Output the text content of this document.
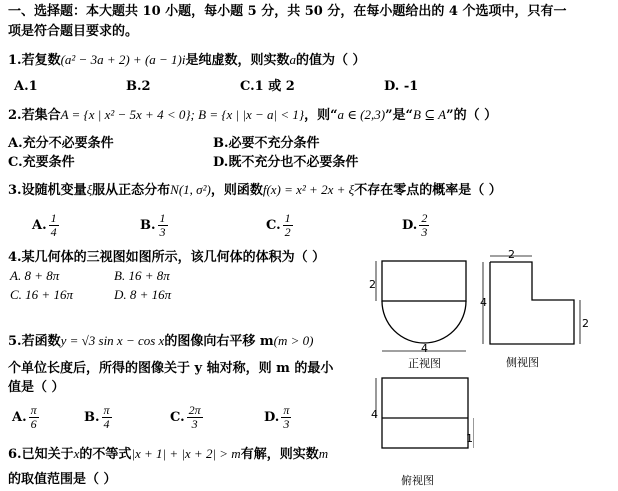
一、选择题：本大题共 10 小题，每小题 5 分，共 50 分，在每小题给出的 4 个选项中，只有一
项是符合题目要求的。
1.若复数(a² − 3a + 2) + (a − 1)i是纯虚数，则实数a的值为（ ）
A.1	B.2	C.1 或 2	D. -1
2.若集合A = {x | x² − 5x + 4 < 0}; B = {x | |x − a| < 1}，则“a ∈ (2,3)”是“B ⊆ A”的（ ）
A.充分不必要条件	B.必要不充分条件
C.充要条件	D.既不充分也不必要条件
3.设随机变量ξ服从正态分布N(1, σ²)，则函数f(x) = x² + 2x + ξ不存在零点的概率是（ ）
A. $\frac{1}{4}$	B. $\frac{1}{3}$	C. $\frac{1}{2}$	D. $\frac{2}{3}$
4.某几何体的三视图如图所示，该几何体的体积为（ ）
A. 8 + 8π	B. 16 + 8π
C. 16 + 16π	D. 8 + 16π
5.若函数y = √3 sin x − cos x的图像向右平移 m(m > 0)
个单位长度后，所得的图像关于 y 轴对称，则 m 的最小
值是（ ）
A. $\frac{\pi}{6}$	B. $\frac{\pi}{4}$	C. $\frac{2\pi}{3}$	D. $\frac{\pi}{3}$
6.已知关于x的不等式|x + 1| + |x + 2| > m有解，则实数m
的取值范围是（ ）
2
4
正视图
2
4
2
侧视图
4
1
俯视图
